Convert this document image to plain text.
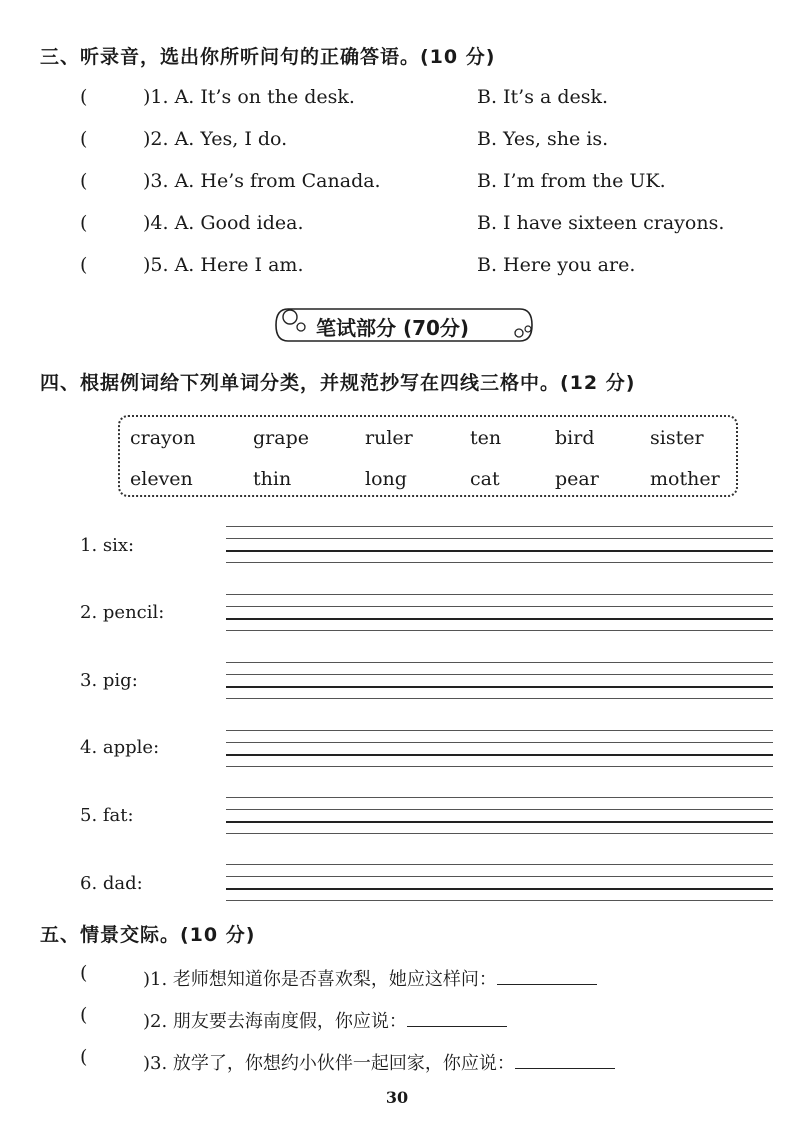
三、听录音，选出你所听问句的正确答语。(10 分)
(	)1. A. It’s on the desk.	B. It’s a desk.
(	)2. A. Yes, I do.	B. Yes, she is.
(	)3. A. He’s from Canada.	B. I’m from the UK.
(	)4. A. Good idea.	B. I have sixteen crayons.
(	)5. A. Here I am.	B. Here you are.
笔试部分 (70分)
四、根据例词给下列单词分类，并规范抄写在四线三格中。(12 分)
crayon	grape	ruler	ten	bird	sister
eleven	thin	long	cat	pear	mother
1. six:
2. pencil:
3. pig:
4. apple:
5. fat:
6. dad:
五、情景交际。(10 分)
(	)1. 老师想知道你是否喜欢梨，她应这样问：
(	)2. 朋友要去海南度假，你应说：
(	)3. 放学了，你想约小伙伴一起回家，你应说：
30
